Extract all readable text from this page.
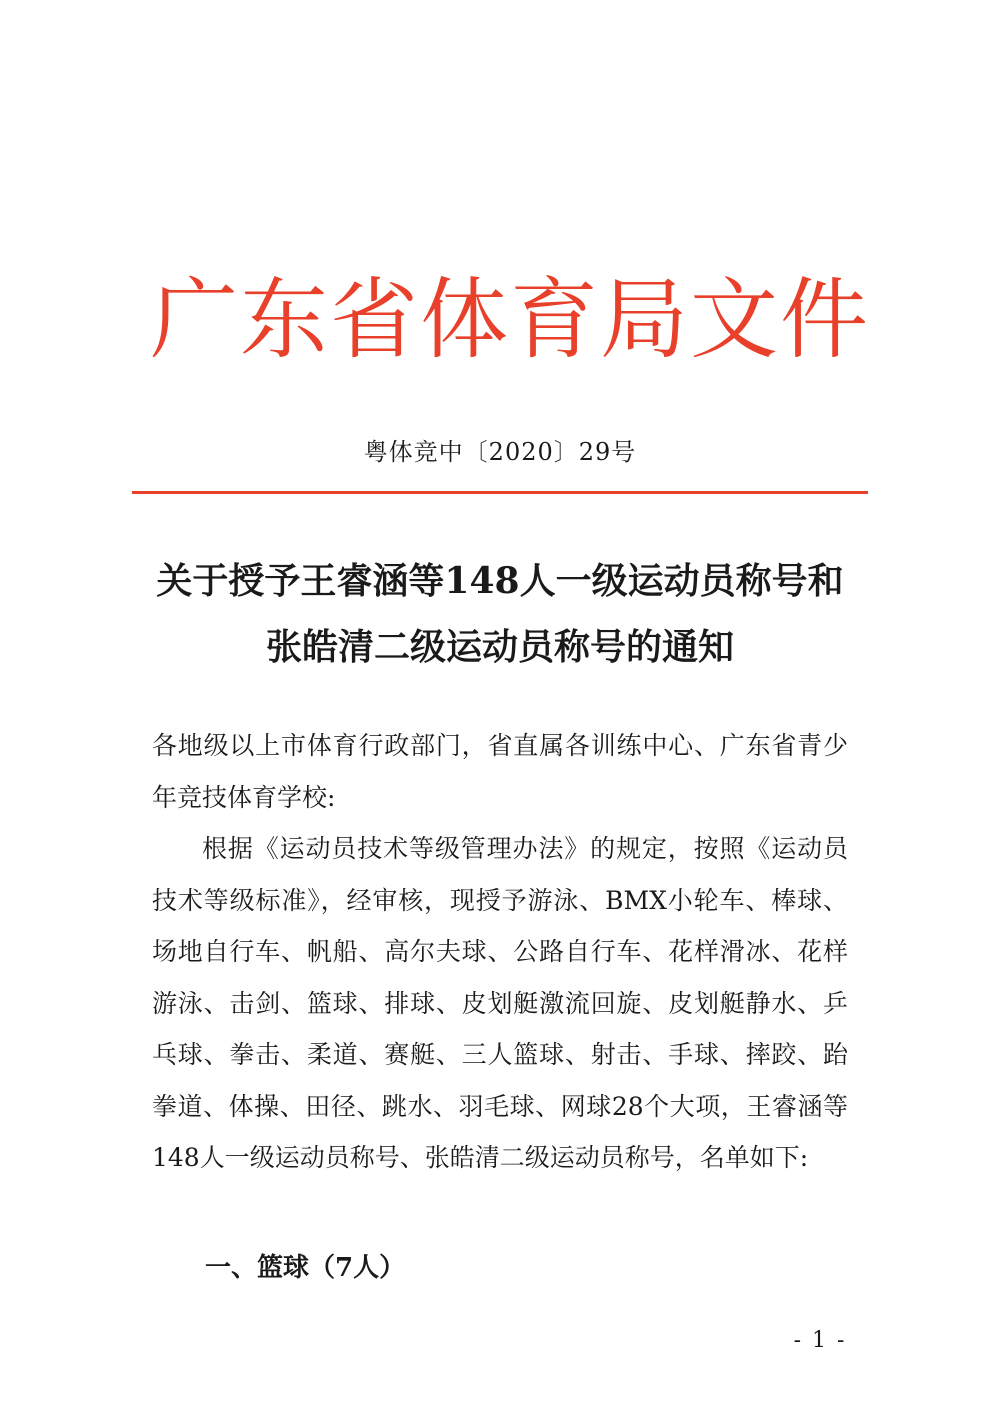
广东省体育局文件
粤体竞中〔2020〕29号
关于授予王睿涵等148人一级运动员称号和
张皓清二级运动员称号的通知

各地级以上市体育行政部门，省直属各训练中心、广东省青少年竞技体育学校:

根据《运动员技术等级管理办法》的规定，按照《运动员技术等级标准》，经审核，现授予游泳、BMX小轮车、棒球、场地自行车、帆船、高尔夫球、公路自行车、花样滑冰、花样游泳、击剑、篮球、排球、皮划艇激流回旋、皮划艇静水、乒乓球、拳击、柔道、赛艇、三人篮球、射击、手球、摔跤、跆拳道、体操、田径、跳水、羽毛球、网球28个大项，王睿涵等148人一级运动员称号、张皓清二级运动员称号，名单如下:

一、篮球（7人）
- 1 -
